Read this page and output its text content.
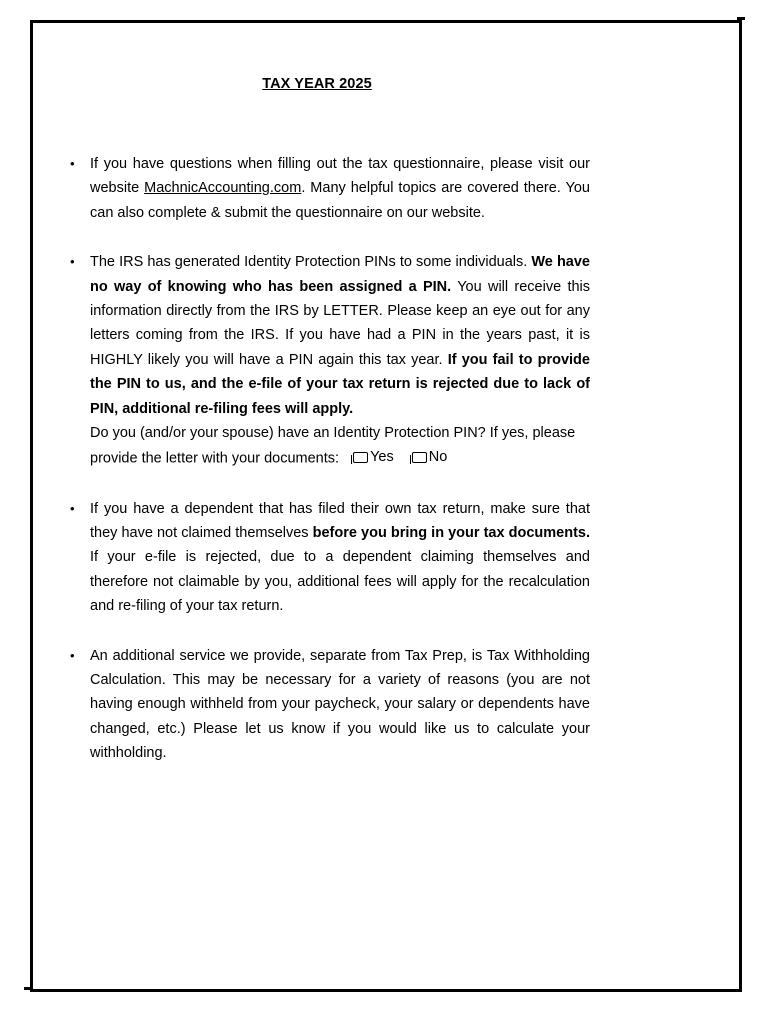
TAX YEAR 2025
•	If you have questions when filling out the tax questionnaire, please visit our website MachnicAccounting.com. Many helpful topics are covered there. You can also complete & submit the questionnaire on our website.
•	The IRS has generated Identity Protection PINs to some individuals. We have no way of knowing who has been assigned a PIN. You will receive this information directly from the IRS by LETTER. Please keep an eye out for any letters coming from the IRS. If you have had a PIN in the years past, it is HIGHLY likely you will have a PIN again this tax year. If you fail to provide the PIN to us, and the e-file of your tax return is rejected due to lack of PIN, additional re-filing fees will apply.
Do you (and/or your spouse) have an Identity Protection PIN? If yes, please provide the letter with your documents: Yes No
•	If you have a dependent that has filed their own tax return, make sure that they have not claimed themselves before you bring in your tax documents. If your e-file is rejected, due to a dependent claiming themselves and therefore not claimable by you, additional fees will apply for the recalculation and re-filing of your tax return.
•	An additional service we provide, separate from Tax Prep, is Tax Withholding Calculation. This may be necessary for a variety of reasons (you are not having enough withheld from your paycheck, your salary or dependents have changed, etc.) Please let us know if you would like us to calculate your withholding.
